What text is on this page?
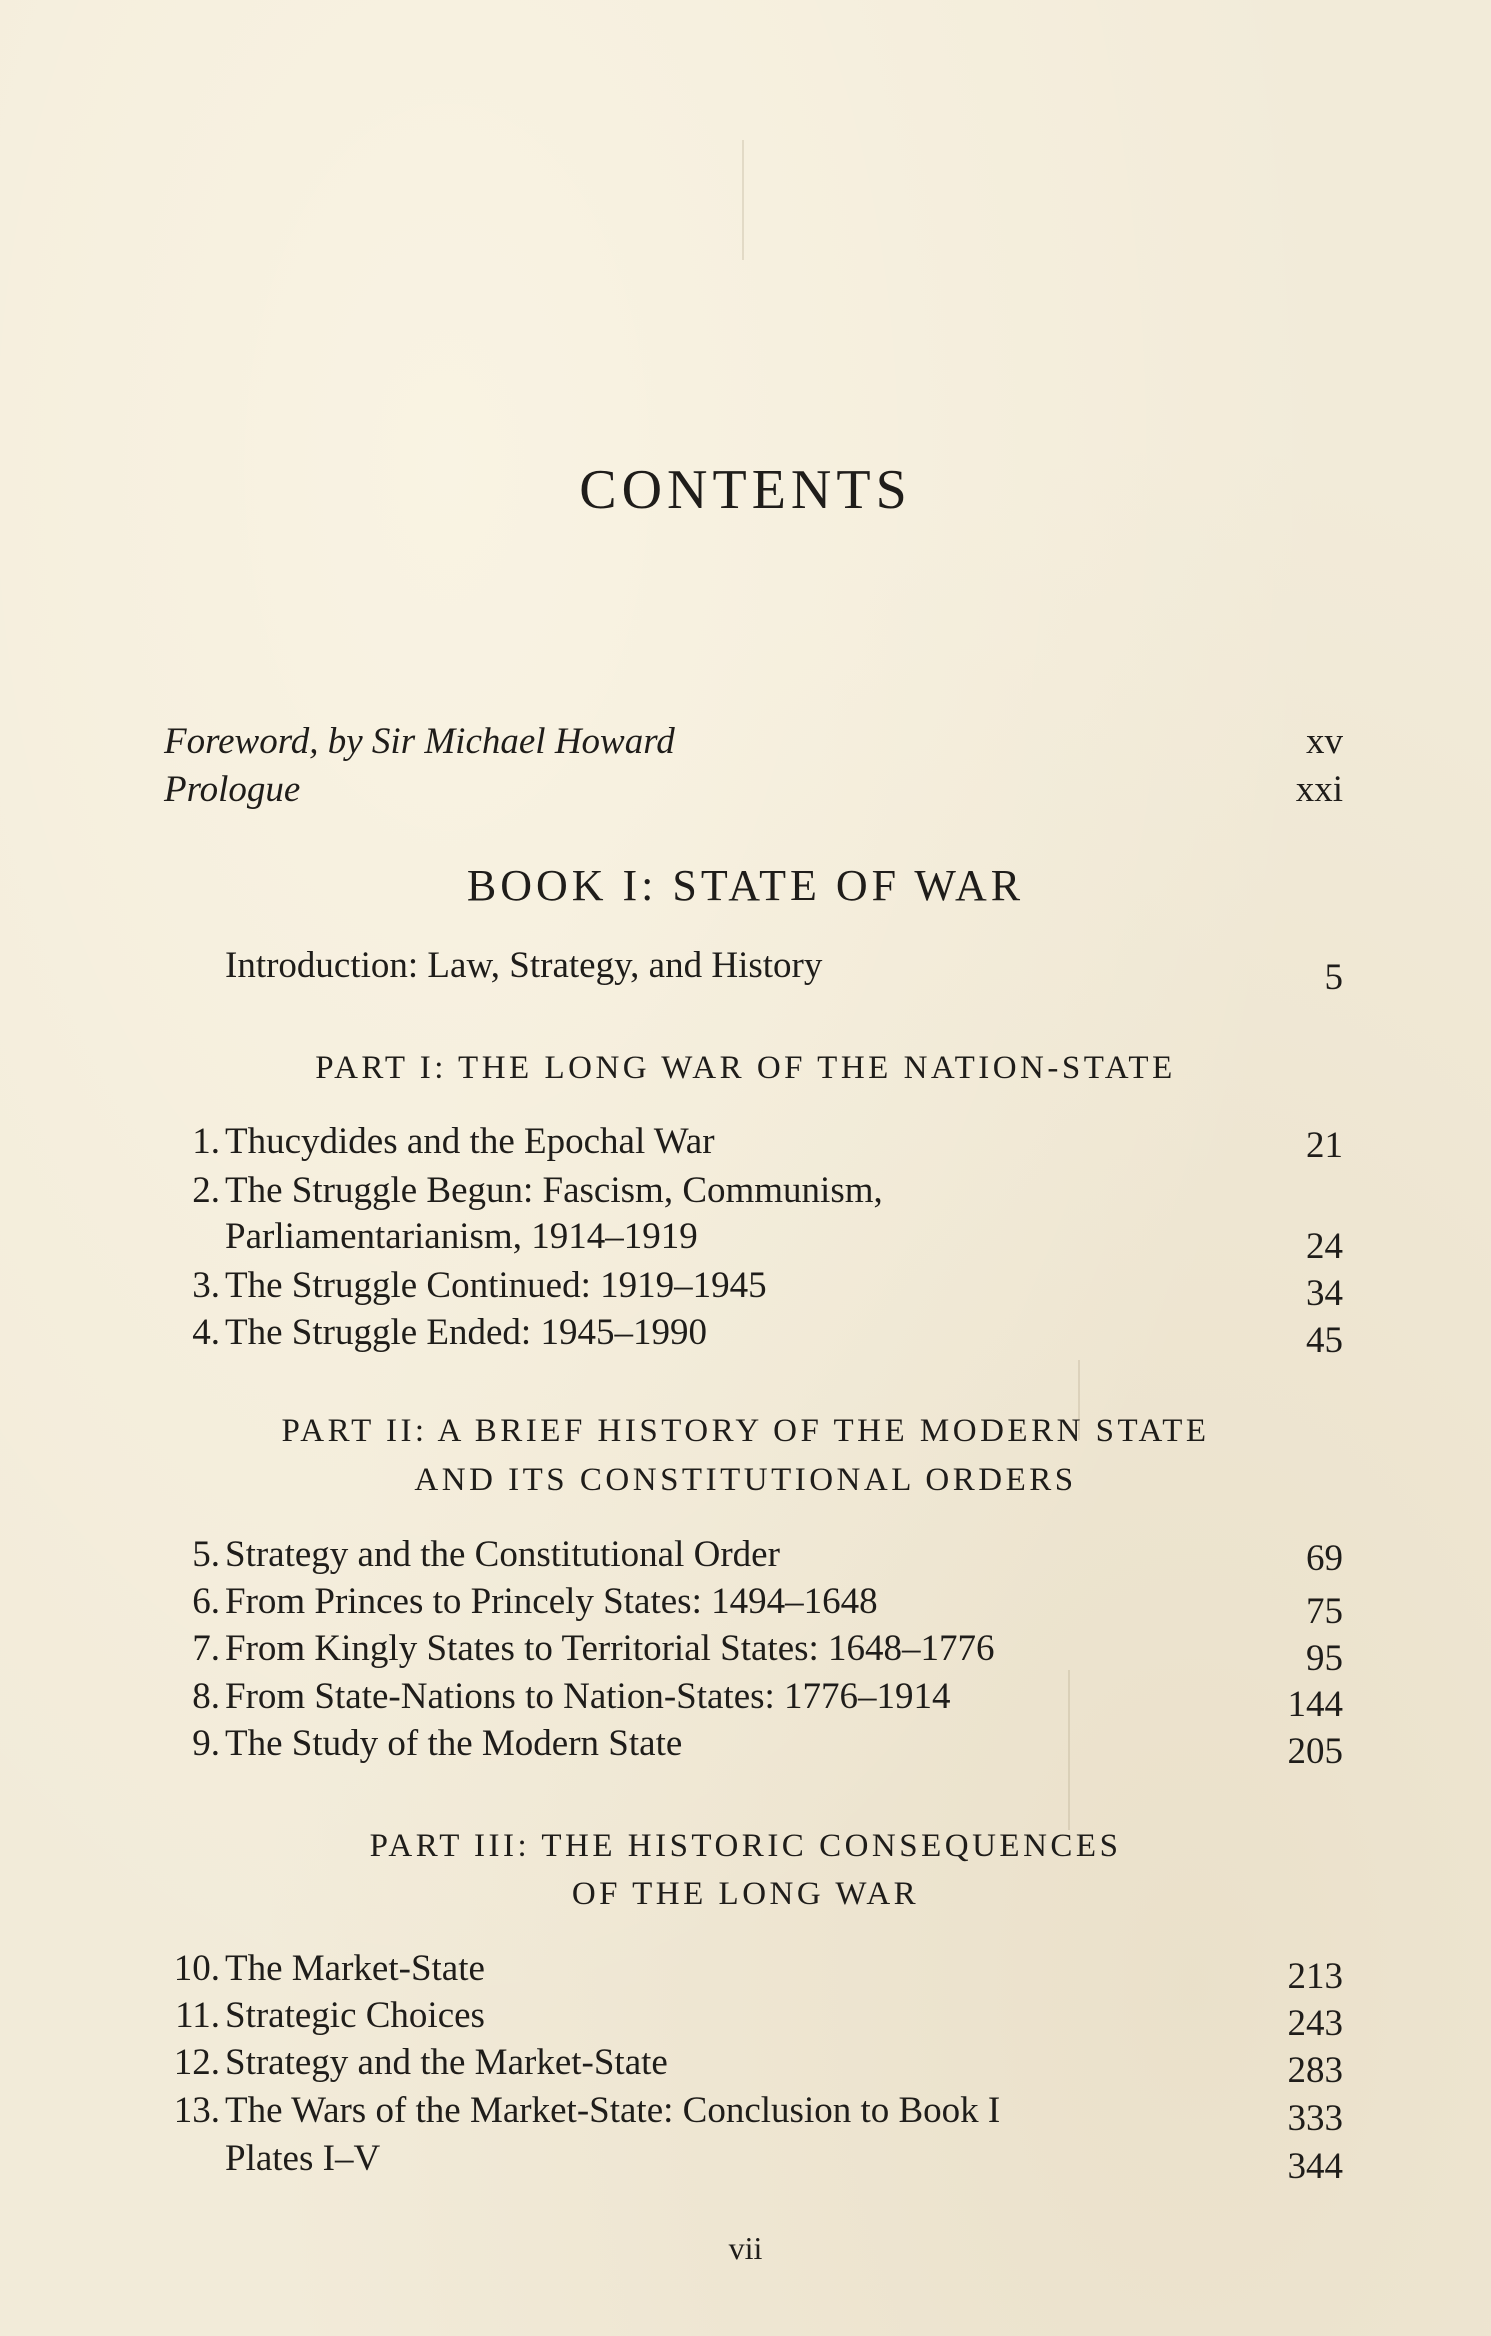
CONTENTS
Foreword, by Sir Michael Howard	xv
Prologue	xxi
BOOK I: STATE OF WAR
Introduction: Law, Strategy, and History	5
PART I: THE LONG WAR OF THE NATION-STATE
1. Thucydides and the Epochal War	21
2. The Struggle Begun: Fascism, Communism,
Parliamentarianism, 1914–1919	24
3. The Struggle Continued: 1919–1945	34
4. The Struggle Ended: 1945–1990	45
PART II: A BRIEF HISTORY OF THE MODERN STATE
AND ITS CONSTITUTIONAL ORDERS
5. Strategy and the Constitutional Order	69
6. From Princes to Princely States: 1494–1648	75
7. From Kingly States to Territorial States: 1648–1776	95
8. From State-Nations to Nation-States: 1776–1914	144
9. The Study of the Modern State	205
PART III: THE HISTORIC CONSEQUENCES
OF THE LONG WAR
10. The Market-State	213
11. Strategic Choices	243
12. Strategy and the Market-State	283
13. The Wars of the Market-State: Conclusion to Book I	333
Plates I–V	344
vii
